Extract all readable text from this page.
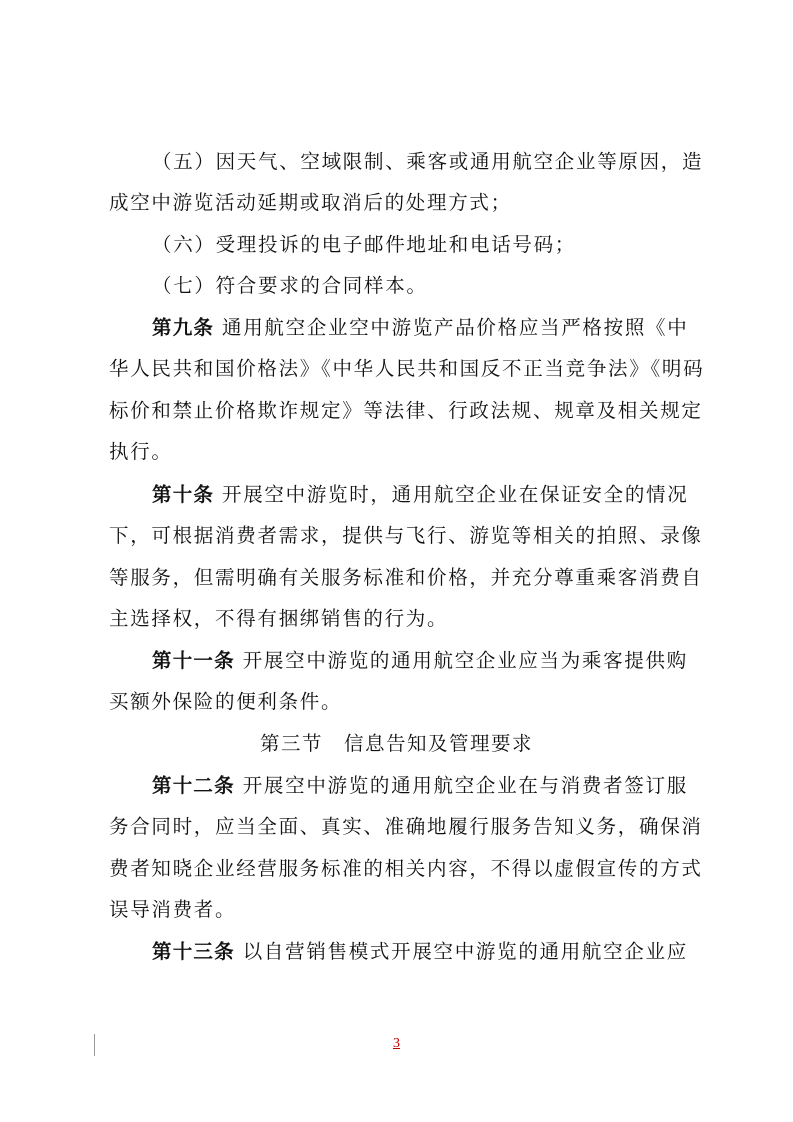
（五）因天气、空域限制、乘客或通用航空企业等原因，造

成空中游览活动延期或取消后的处理方式；

（六）受理投诉的电子邮件地址和电话号码；

（七）符合要求的合同样本。

第九条 通用航空企业空中游览产品价格应当严格按照《中

华人民共和国价格法》《中华人民共和国反不正当竞争法》《明码

标价和禁止价格欺诈规定》等法律、行政法规、规章及相关规定

执行。

第十条 开展空中游览时，通用航空企业在保证安全的情况

下，可根据消费者需求，提供与飞行、游览等相关的拍照、录像

等服务，但需明确有关服务标准和价格，并充分尊重乘客消费自

主选择权，不得有捆绑销售的行为。

第十一条 开展空中游览的通用航空企业应当为乘客提供购

买额外保险的便利条件。

第三节　信息告知及管理要求

第十二条 开展空中游览的通用航空企业在与消费者签订服

务合同时，应当全面、真实、准确地履行服务告知义务，确保消

费者知晓企业经营服务标准的相关内容，不得以虚假宣传的方式

误导消费者。

第十三条 以自营销售模式开展空中游览的通用航空企业应

3
